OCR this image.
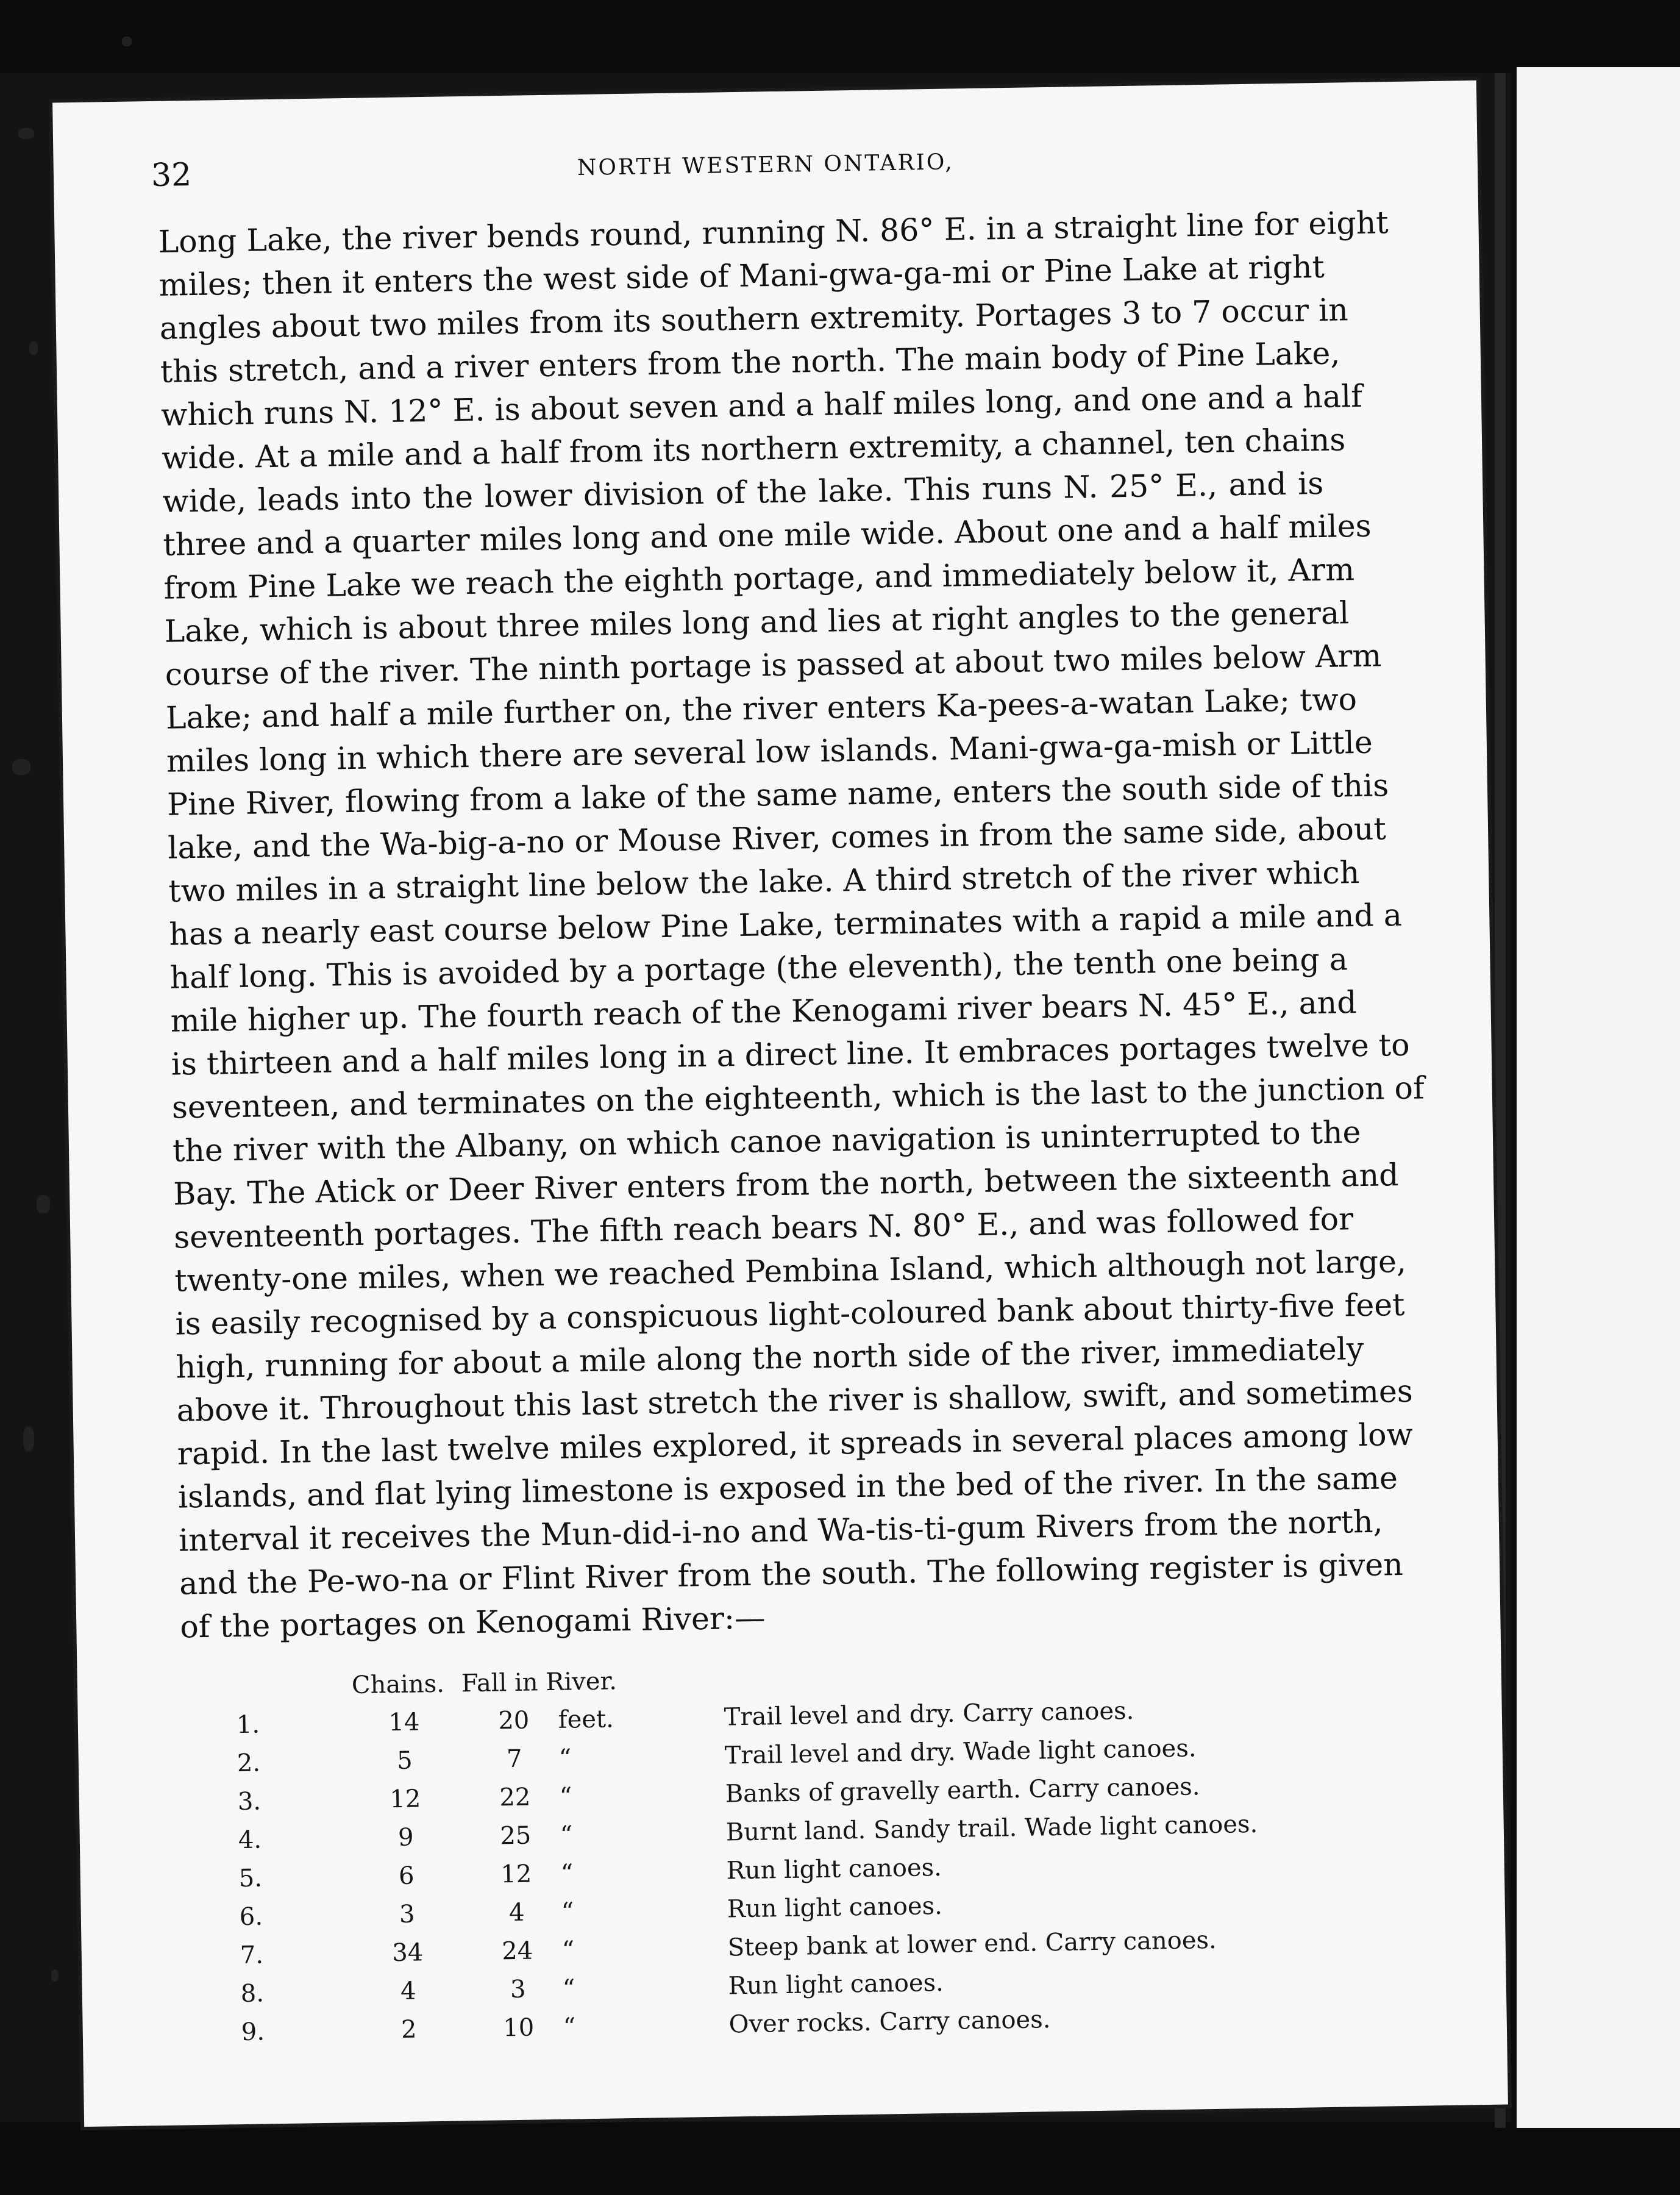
32	NORTH WESTERN ONTARIO,
Long Lake, the river bends round, running N. 86° E. in a straight line for eight
miles; then it enters the west side of Mani-gwa-ga-mi or Pine Lake at right
angles about two miles from its southern extremity. Portages 3 to 7 occur in
this stretch, and a river enters from the north. The main body of Pine Lake,
which runs N. 12° E. is about seven and a half miles long, and one and a half
wide. At a mile and a half from its northern extremity, a channel, ten chains
wide, leads into the lower division of the lake. This runs N. 25° E., and is
three and a quarter miles long and one mile wide. About one and a half miles
from Pine Lake we reach the eighth portage, and immediately below it, Arm
Lake, which is about three miles long and lies at right angles to the general
course of the river. The ninth portage is passed at about two miles below Arm
Lake; and half a mile further on, the river enters Ka-pees-a-watan Lake; two
miles long in which there are several low islands. Mani-gwa-ga-mish or Little
Pine River, flowing from a lake of the same name, enters the south side of this
lake, and the Wa-big-a-no or Mouse River, comes in from the same side, about
two miles in a straight line below the lake. A third stretch of the river which
has a nearly east course below Pine Lake, terminates with a rapid a mile and a
half long. This is avoided by a portage (the eleventh), the tenth one being a
mile higher up. The fourth reach of the Kenogami river bears N. 45° E., and
is thirteen and a half miles long in a direct line. It embraces portages twelve to
seventeen, and terminates on the eighteenth, which is the last to the junction of
the river with the Albany, on which canoe navigation is uninterrupted to the
Bay. The Atick or Deer River enters from the north, between the sixteenth and
seventeenth portages. The fifth reach bears N. 80° E., and was followed for
twenty-one miles, when we reached Pembina Island, which although not large,
is easily recognised by a conspicuous light-coloured bank about thirty-five feet
high, running for about a mile along the north side of the river, immediately
above it. Throughout this last stretch the river is shallow, swift, and sometimes
rapid. In the last twelve miles explored, it spreads in several places among low
islands, and flat lying limestone is exposed in the bed of the river. In the same
interval it receives the Mun-did-i-no and Wa-tis-ti-gum Rivers from the north,
and the Pe-wo-na or Flint River from the south. The following register is given
of the portages on Kenogami River:—
Chains. Fall in River.
1.	14	20 feet.	Trail level and dry. Carry canoes.
2.	5	7	“	Trail level and dry. Wade light canoes.
3.	12	22 “	Banks of gravelly earth. Carry canoes.
4.	9	25 “	Burnt land. Sandy trail. Wade light canoes.
5.	6	12 “	Run light canoes.
6.	3	4	“	Run light canoes.
7.	34	24 “	Steep bank at lower end. Carry canoes.
8.	4	3	“	Run light canoes.
9.	2	10 “	Over rocks. Carry canoes.
